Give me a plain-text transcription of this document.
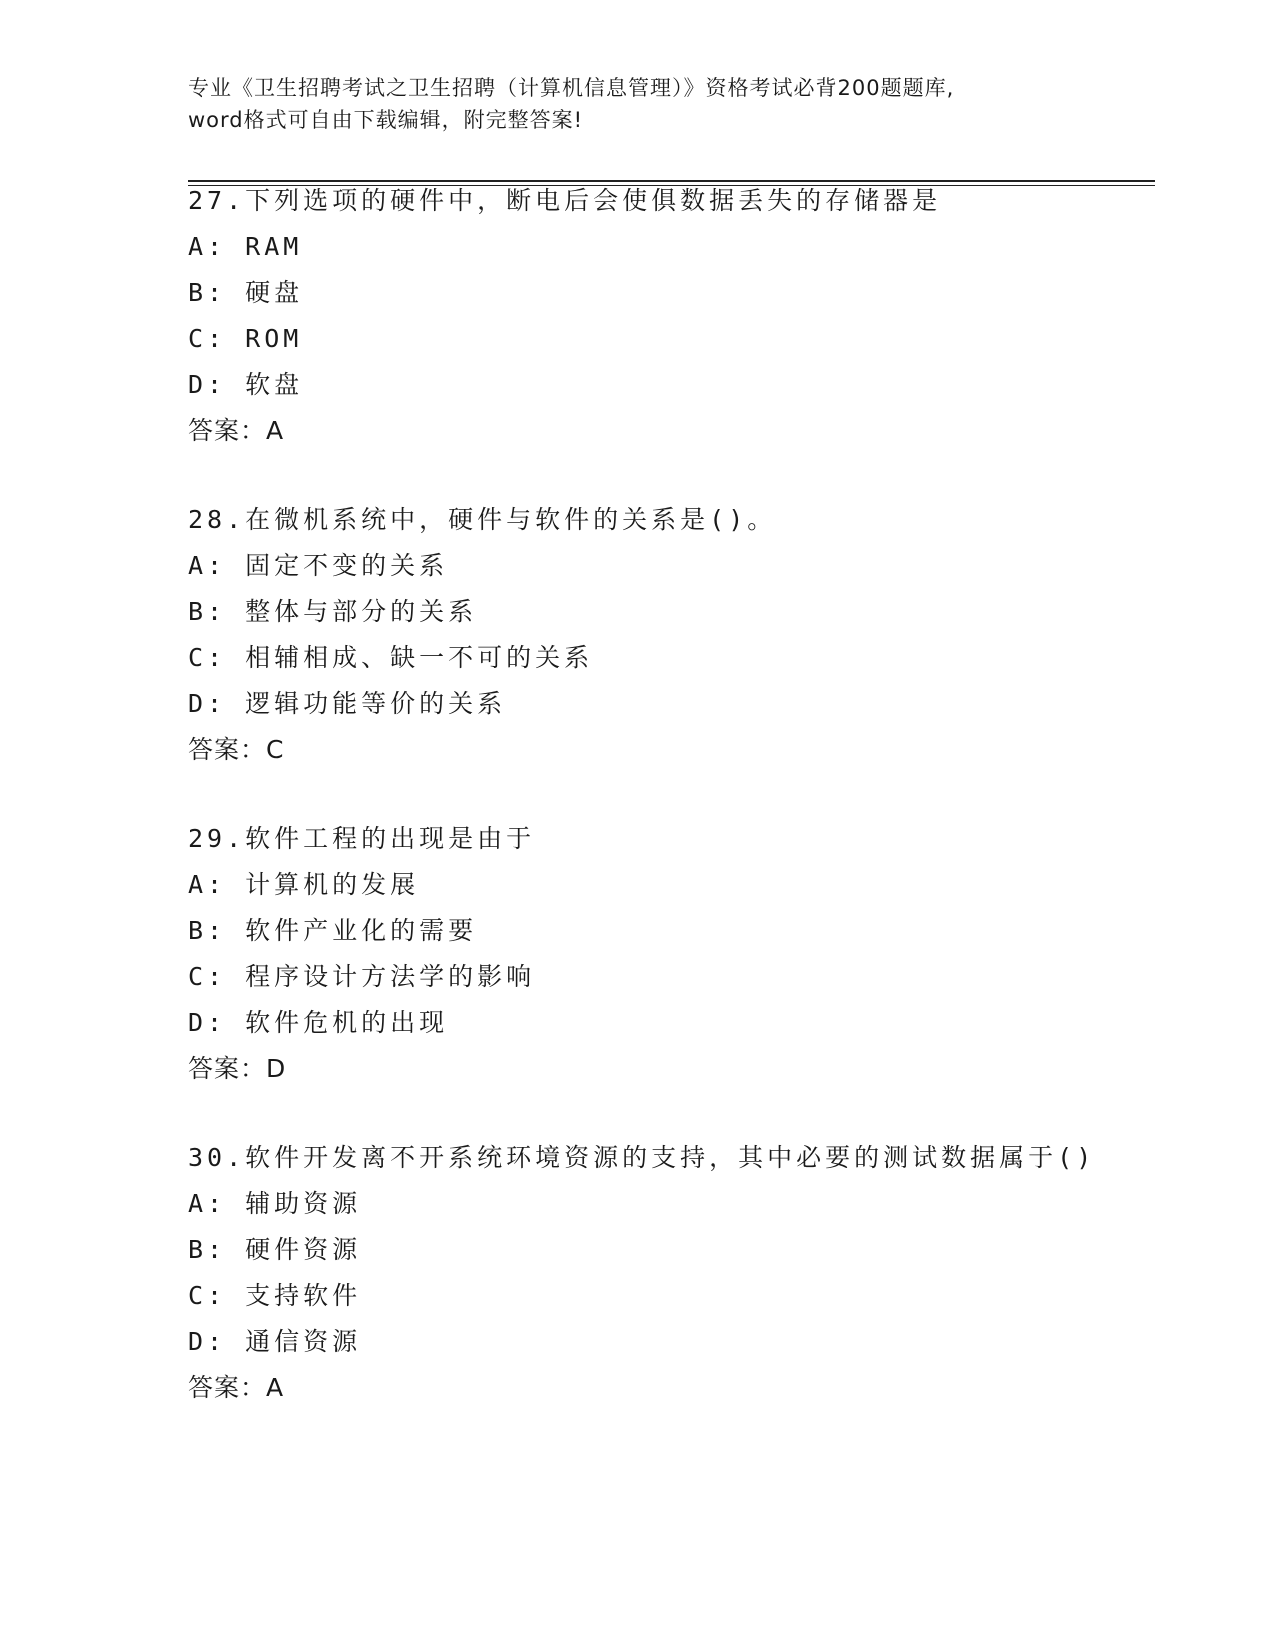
专业《卫生招聘考试之卫生招聘（计算机信息管理）》资格考试必背200题题库,
word格式可自由下载编辑，附完整答案!
27.下列选项的硬件中，断电后会使俱数据丢失的存储器是
A: RAM
B: 硬盘
C: ROM
D: 软盘
答案：A
28.在微机系统中，硬件与软件的关系是()。
A: 固定不变的关系
B: 整体与部分的关系
C: 相辅相成、缺一不可的关系
D: 逻辑功能等价的关系
答案：C
29.软件工程的出现是由于
A: 计算机的发展
B: 软件产业化的需要
C: 程序设计方法学的影响
D: 软件危机的出现
答案：D
30.软件开发离不开系统环境资源的支持，其中必要的测试数据属于()
A: 辅助资源
B: 硬件资源
C: 支持软件
D: 通信资源
答案：A
